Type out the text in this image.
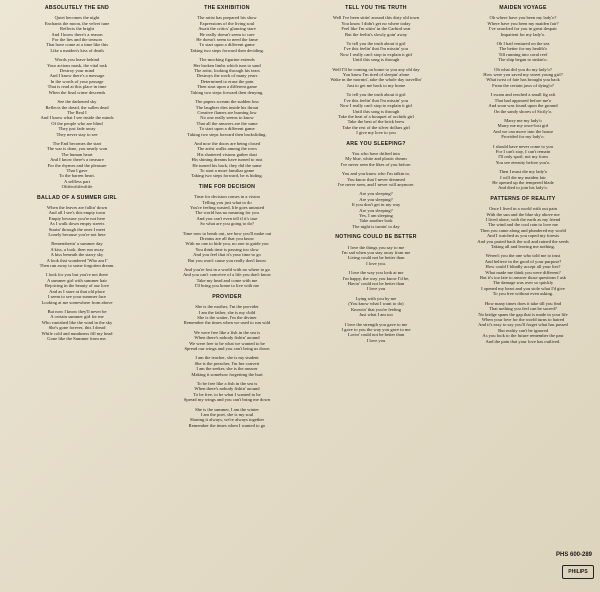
ABSOLUTELY THE END
Quiet becomes the night
Enchants the moon, the velvet tune
Reflects the bright
And I know there's a reason
For the lies and the treason
That have come at a time like this
Like a maiden's kiss of death
Words you leave behind
Your actions mask, the vital task
Destroy your mind
And I know there's a message
In the words of your passage
That is read at this place in time
When the final crime descends
See the darkened sky
Reflects the dread, the sullen dead
The Real I
And I know what I see inside the minds
Of the people who are blind
They just fade away
They never stay to see
The End becomes the start
The war is done, you nearly won
The human heart
And I know there's a treasure
For the rhymes and the pleasure
That I gave
To the barren heart.
A selfless part
Ofiifeofiifeofiife
BALLAD OF A SUMMER GIRL
When the leaves are fallin' down
And all I see's this empty town
Empty because you're not here
As I walk down empty streets
Starin' through the ones I meet
Lonely because you're not here
Rememberin' a summer day
A kiss, a look, then run away
A kiss beneath the starry sky
A look that wondered 'Who am I'
Then run away to some forgotten dream.
I look for you but you're not there
A summer girl with summer hair
Rejoicing in the beauty of our love
And as I stare at that old place
I seem to see your summer face
Looking at me somewhere from above
But now I know they'll never be
A certain summer girl for me
Who vanished like the wind in the sky
She's gone forever, this I dread
While cold and numbness fill my head
Gone like the Summer from me.
THE EXHIBITION
The artist has prepared his show
Expressions of the living soul
Await the critics' glancing stare
He really doesn't seem to care
He doesn't seem to need the fame
To start upon a different game
Taking two steps forward then deciding.
The mocking figurine extends
Her broken limbs which turn to sand
The artist, looking through his tears
Destroys the work of many years
Determined to erase the pain
Then start upon a different game
Taking two steps forward then denying.
The papers scream the sudden loss
The laughter dies inside his throat
Creative flames are burning low
No one really seems to know
That all the answers are the same
To start upon a different game
Taking two steps forward then backsliding.
And now the doors are being closed
The artist walks among the rows
His shattered visions gather dust
His shining dreams have turned to rust
He turned his back, they did the same
To start a more familiar game
Taking two steps forward, he is hiding.
TIME FOR DECISION
Time for decision comes in a vision
Telling you just what to do
You're feeling wasted, life goes untasted
The world has no meaning for you
And you can't even tell if it's true
So what are you going to do?
Time now to break out, see how you'll make out
Dreams are all that you know
With no one to hide you, no one to guide you
You think time is passing too slow
And you feel that it's your time to go
But you won't cause you really don't know
And you're lost in a world with no where to go
And you can't conceive of a life you don't know
Take my head and come with me
I'll bring you home to live with me
PROVIDER
She is the mother, I'm the provider
I am the father, she is my child
She is the waiter, I'm the diviner
Remember the times when we used to run wild
We were free like a fish in the sea is
When there's nobody fishin' around
We were free to be what we wanted to be
Spread our wings and you can't bring us down
I am the teacher, she is my student
She is the preacher, I'm her convert
I am the seeker, she is the answer
Making it somehow forgetting the hurt
To be free like a fish in the sea is
When there's nobody fishin' around
To be free, to be what I wanted to be
Spread my wings and you can't bring me down
She is the summer, I am the winter
I am the poet, she is my soul
Sharing it always, we're always together
Remember the times when I wanted to go
TELL YOU THE TRUTH
Well I've been sittin' around this dirty old town
You know I didn't get no where today
Feel like I'm sittin' in the Carbird seat
But the feelin's slowly goin' away
To tell you the truth about it girl
I've this feelin' that I'm missin' you
Now I really can't stop to explain it girl
Until this song is through
Well I'll be coming on home to you any old day
You know I'm tired of sleepin' alone
Wake in the mornin', take the whole day travellin'
Just to get me back to my home
To tell you the truth about it girl
I've this feelin' that I'm missin' you
Now I really can't stop to explain it girl
Until this song is through
Take the heat of a bouquet of orchids girl
Take the best of the brick brew
Take the rest of the silver dollars girl
I give my love to you
ARE YOU SLEEPING?
You who have drifted into
My blue, white and plastic dream
I've never seen the likes of you before.
You and you know who I'm talkin to,
You know that I never dreamed
I've never seen, and I never will anymore.
Are you sleeping?
Are you sleeping?
If you don't get in my way
Are you sleeping?
Yes, I am sleeping
Take another look
The night is turnin' to day
NOTHING COULD BE BETTER
I love the things you say to me
I'm sad when you stay away from me
Living could not be better than
I love you.
I love the way you look at me
I'm happy, the way you know I'd be,
Havin' could not be better than
I love you
Lying with you by me
(You know what I want to do)
Knowin' that you're feeling
Just what I am too
I love the strength you gave to me
I gave to you the way you gave to me
Lovin' could not be better than
I love you
MAIDEN VOYAGE
Oh where have you been my lady'o?
Where have you been my maiden fair?
I've searched for you in great despair
Impatient for my lady'o.
Oh I had ventured on the sea
The better for my health'o
Till running into coral reef
The ship began to sinkin'o.
Oh what did you do my lady'o?
How were you saved my sweet young girl?
What twist of fate has brought you back
From the certain jaws of dying'o?
I swam and reached a small fig raft
That had appeared before me'o
And soon was found upon the ground
On the sandy shores of Sicily'o.
Marry me my lady'o
Marry me my once-lost girl
And we can move into the house
Provided for my lady'o.
I should have never come to you
For I can't stay, I can't remain
I'll only spoil, not my form
You see eternity before you'o.
Then I must die my lady'o
I will die my maiden fair
He opened up the tempered blade
And died to join his lady'o.
PATTERNS OF REALITY
Once I lived in a world with out pain
With the sun and the blue sky above me
I lived alone, with the earth as my friend
The wind and the cool rain to love me
Then you came along and plundered my world
And I watched as you roped my forests
And you parted back the soil and ruined the seeds
Taking all and leaving me nothing.
Weren't you the one who told me to trust
And believe in the good of your purpose?
How could I blindly accept all your lies?
What made me think you were different?
But it's too late to answer those questions I ask
The damage was over so quickly
I opened my heart and you stole what I'd give
To you free without even asking.
How many times does it take till you find
That nothing you feel can be sacred?
No bridge spans the gap that is made in your life
When your love for the world turns to hatred
And it's easy to say you'll forget what has passed
But reality can't be ignored
As you look to the future remember the past
And the pain that your love has outlived.
PHS 600-289
PHILIPS
